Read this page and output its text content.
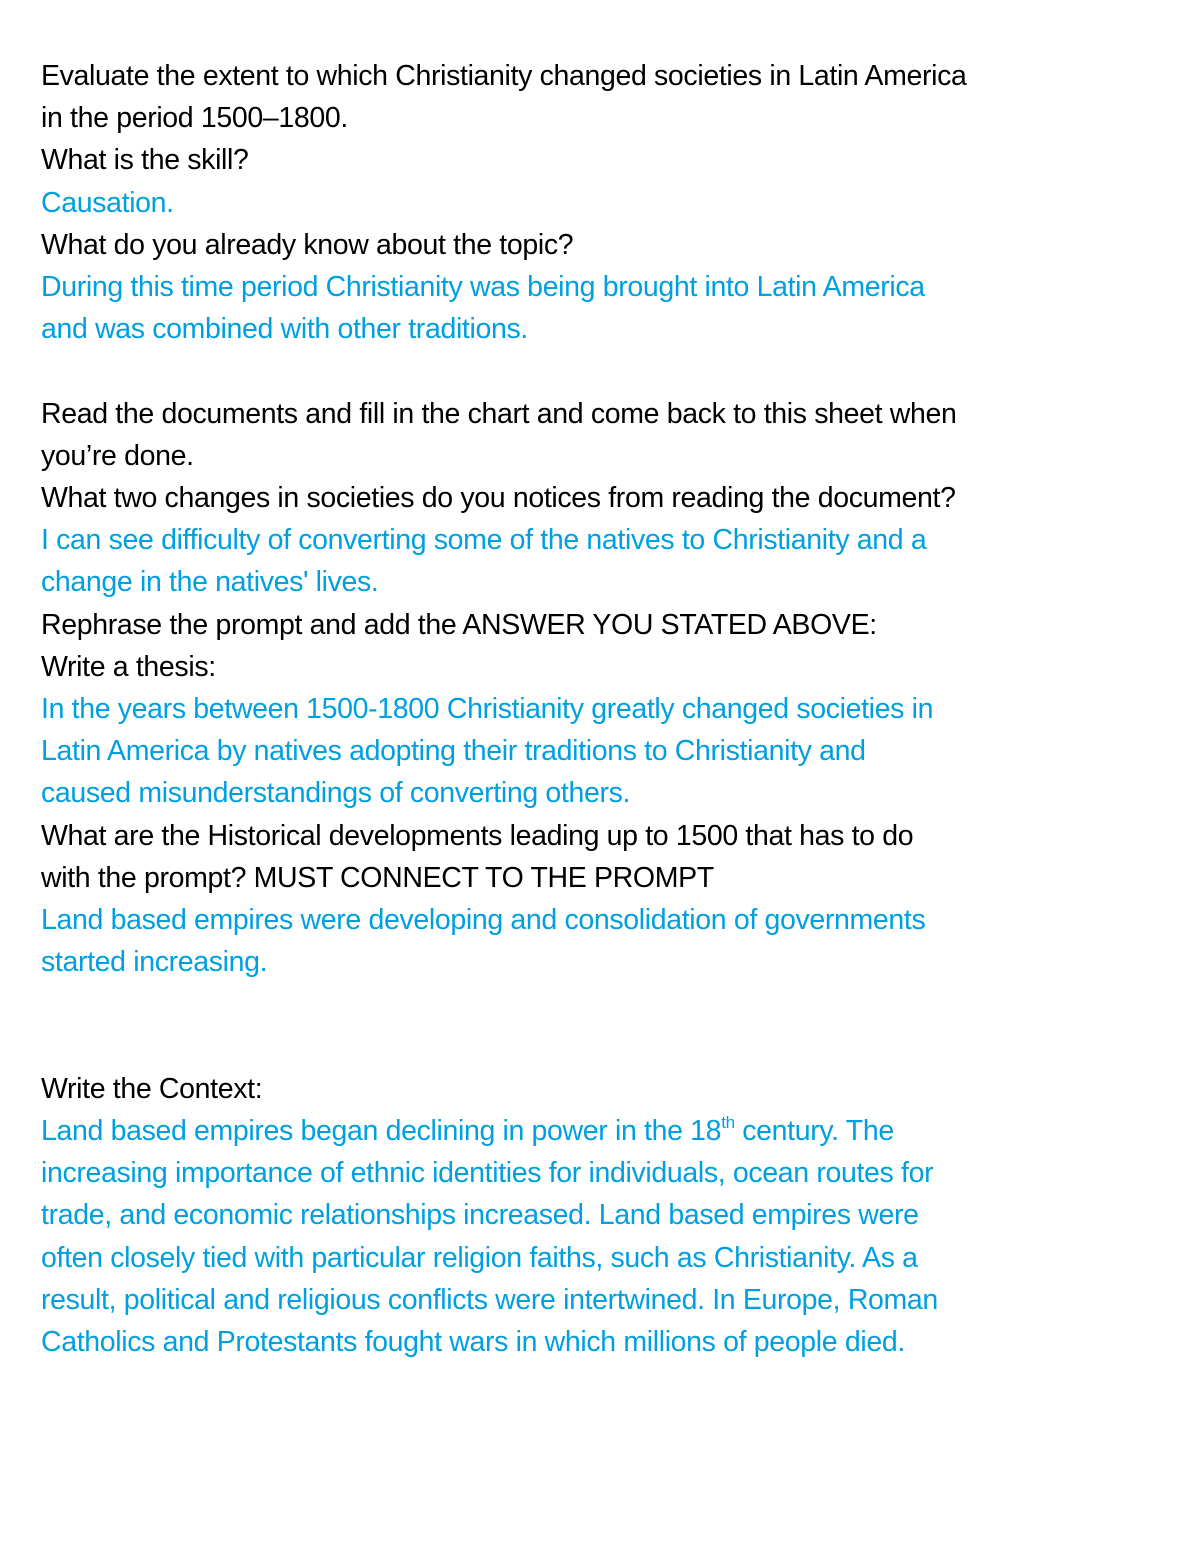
Evaluate the extent to which Christianity changed societies in Latin America
in the period 1500–1800.
What is the skill?
Causation.
What do you already know about the topic?
During this time period Christianity was being brought into Latin America
and was combined with other traditions.
Read the documents and fill in the chart and come back to this sheet when
you’re done.
What two changes in societies do you notices from reading the document?
I can see difficulty of converting some of the natives to Christianity and a
change in the natives' lives.
Rephrase the prompt and add the ANSWER YOU STATED ABOVE:
Write a thesis:
In the years between 1500-1800 Christianity greatly changed societies in
Latin America by natives adopting their traditions to Christianity and
caused misunderstandings of converting others.
What are the Historical developments leading up to 1500 that has to do
with the prompt? MUST CONNECT TO THE PROMPT
Land based empires were developing and consolidation of governments
started increasing.
Write the Context:
Land based empires began declining in power in the 18th century. The
increasing importance of ethnic identities for individuals, ocean routes for
trade, and economic relationships increased. Land based empires were
often closely tied with particular religion faiths, such as Christianity. As a
result, political and religious conflicts were intertwined. In Europe, Roman
Catholics and Protestants fought wars in which millions of people died.
